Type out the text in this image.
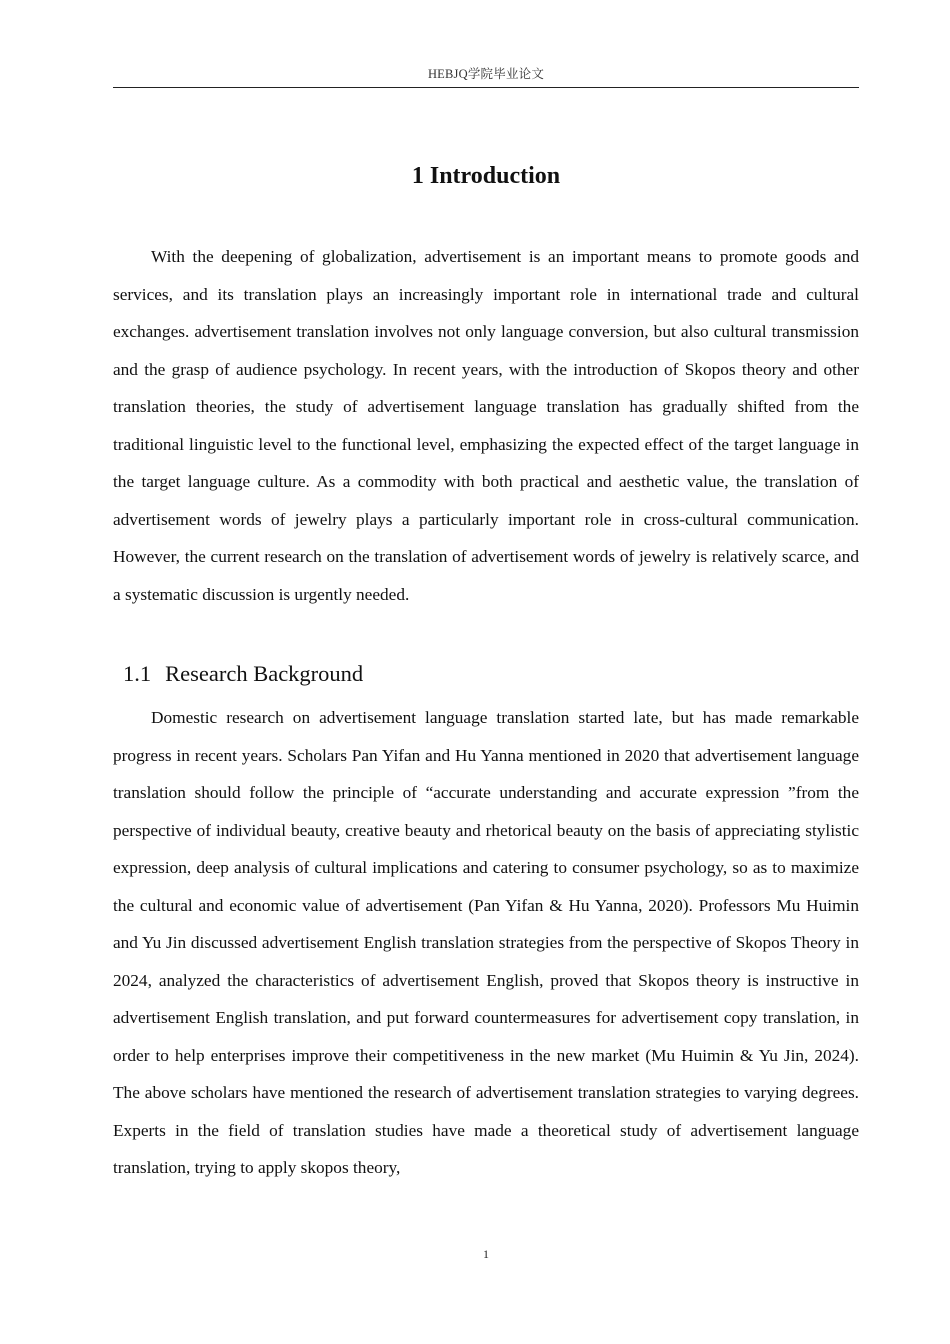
HEBJQ学院毕业论文
1 Introduction

With the deepening of globalization, advertisement is an important means to promote goods and services, and its translation plays an increasingly important role in international trade and cultural exchanges. advertisement translation involves not only language conversion, but also cultural transmission and the grasp of audience psychology. In recent years, with the introduction of Skopos theory and other translation theories, the study of advertisement language translation has gradually shifted from the traditional linguistic level to the functional level, emphasizing the expected effect of the target language in the target language culture. As a commodity with both practical and aesthetic value, the translation of advertisement words of jewelry plays a particularly important role in cross-cultural communication. However, the current research on the translation of advertisement words of jewelry is relatively scarce, and a systematic discussion is urgently needed.

1.1 Research Background

Domestic research on advertisement language translation started late, but has made remarkable progress in recent years. Scholars Pan Yifan and Hu Yanna mentioned in 2020 that advertisement language translation should follow the principle of “accurate understanding and accurate expression ”from the perspective of individual beauty, creative beauty and rhetorical beauty on the basis of appreciating stylistic expression, deep analysis of cultural implications and catering to consumer psychology, so as to maximize the cultural and economic value of advertisement (Pan Yifan & Hu Yanna, 2020). Professors Mu Huimin and Yu Jin discussed advertisement English translation strategies from the perspective of Skopos Theory in 2024, analyzed the characteristics of advertisement English, proved that Skopos theory is instructive in advertisement English translation, and put forward countermeasures for advertisement copy translation, in order to help enterprises improve their competitiveness in the new market (Mu Huimin & Yu Jin, 2024). The above scholars have mentioned the research of advertisement translation strategies to varying degrees. Experts in the field of translation studies have made a theoretical study of advertisement language translation, trying to apply skopos theory,

1
